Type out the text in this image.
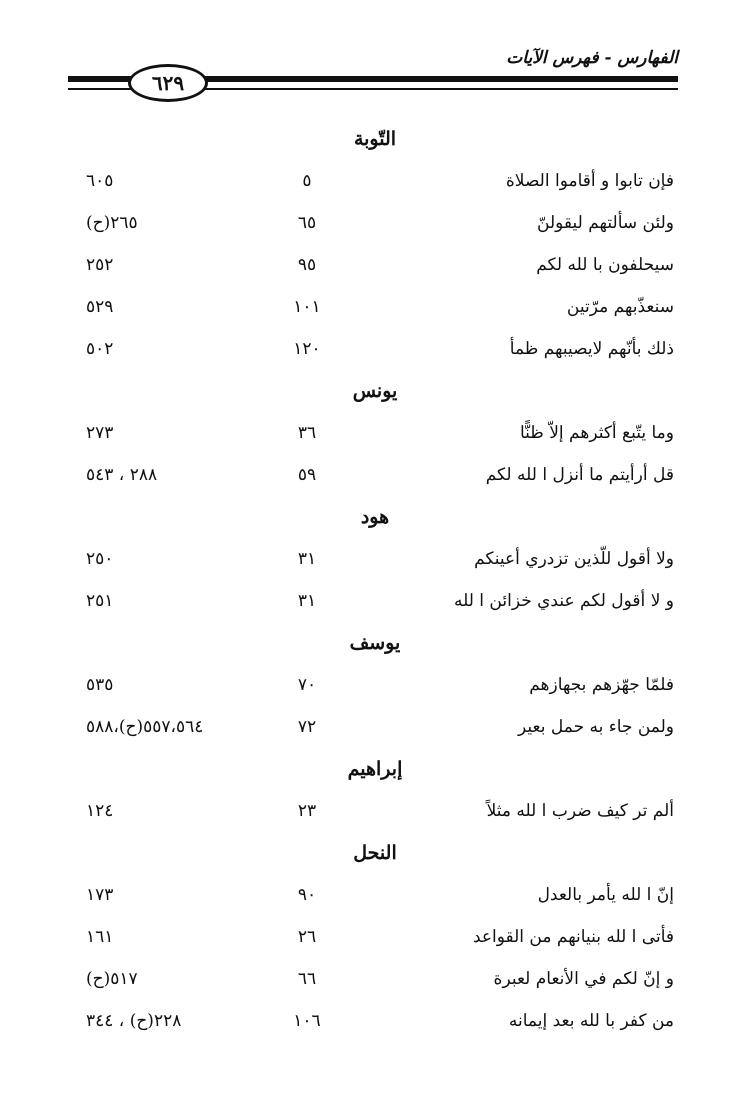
الفهارس - فهرس الآيات
٦٢٩
التّوبة
فإن تابوا و أقاموا الصلاة
٥
٦٠٥
ولئن سألتهم ليقولنّ
٦٥
٢٦٥(ح)
سيحلفون با لله لكم
٩٥
٢٥٢
سنعذّبهم مرّتين
١٠١
٥٢٩
ذلك بأنّهم لايصيبهم ظمأ
١٢٠
٥٠٢
يونس
وما يتّبع أكثرهم إلاّ ظنًّا
٣٦
٢٧٣
قل أرأيتم ما أنزل ا لله لكم
٥٩
٢٨٨ ، ٥٤٣
هود
ولا أقول للّذين تزدري أعينكم
٣١
٢٥٠
و لا أقول لكم عندي خزائن ا لله
٣١
٢٥١
يوسف
فلمّا جهّزهم بجهازهم
٧٠
٥٣٥
ولمن جاء به حمل بعير
٧٢
٥٥٧،٥٦٤(ح)،٥٨٨
إبراهيم
ألم تر كيف ضرب ا لله مثلاً
٢٣
١٢٤
النحل
إنّ ا لله يأمر بالعدل
٩٠
١٧٣
فأتى ا لله بنيانهم من القواعد
٢٦
١٦١
و إنّ لكم في الأنعام لعبرة
٦٦
٥١٧(ح)
من كفر با لله بعد إيمانه
١٠٦
٢٢٨(ح) ، ٣٤٤
